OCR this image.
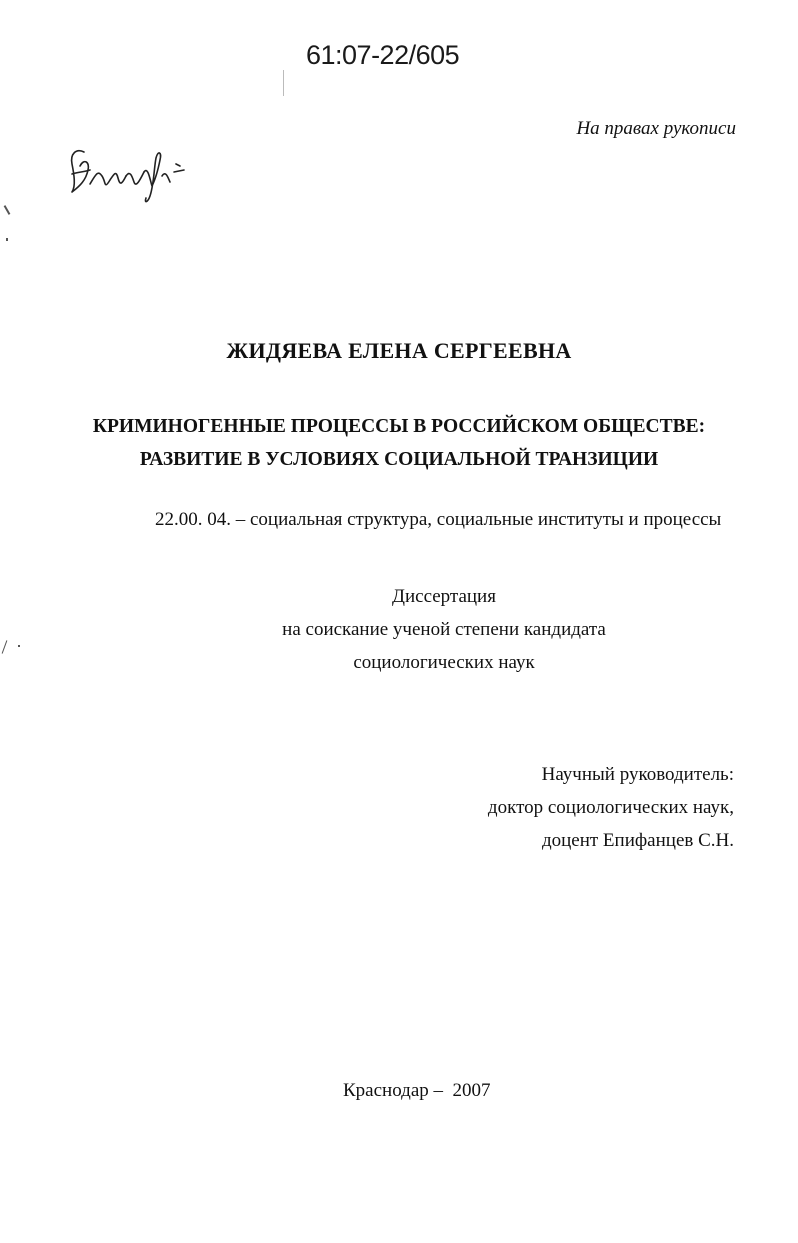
61:07-22/605
На правах рукописи
ЖИДЯЕВА ЕЛЕНА СЕРГЕЕВНА
КРИМИНОГЕННЫЕ ПРОЦЕССЫ В РОССИЙСКОМ ОБЩЕСТВЕ:
РАЗВИТИЕ В УСЛОВИЯХ СОЦИАЛЬНОЙ ТРАНЗИЦИИ
22.00. 04. – социальная структура, социальные институты и процессы
Диссертация
на соискание ученой степени кандидата
социологических наук
Научный руководитель:
доктор социологических наук,
доцент Епифанцев С.Н.
Краснодар –  2007
